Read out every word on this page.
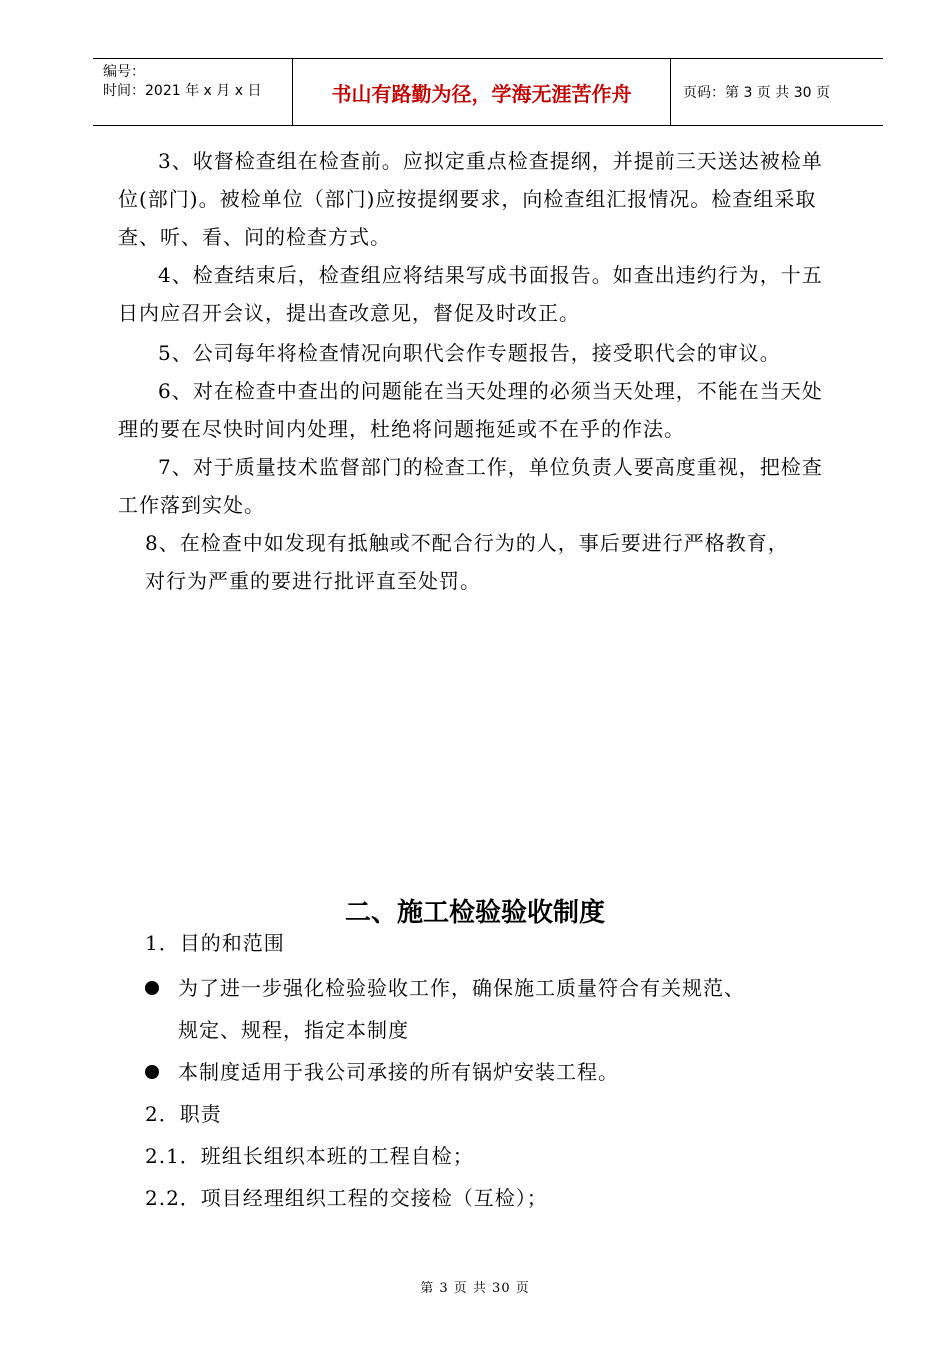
编号：
时间：2021 年 x 月 x 日	书山有路勤为径，学海无涯苦作舟	页码：第 3 页 共 30 页

3、收督检查组在检查前。应拟定重点检查提纲，并提前三天送达被检单位(部门)。被检单位（部门)应按提纲要求，向检查组汇报情况。检查组采取查、听、看、问的检查方式。

4、检查结束后，检查组应将结果写成书面报告。如查出违约行为，十五日内应召开会议，提出查改意见，督促及时改正。

5、公司每年将检查情况向职代会作专题报告，接受职代会的审议。

6、对在检查中查出的问题能在当天处理的必须当天处理，不能在当天处理的要在尽快时间内处理，杜绝将问题拖延或不在乎的作法。

7、对于质量技术监督部门的检查工作，单位负责人要高度重视，把检查工作落到实处。

8、在检查中如发现有抵触或不配合行为的人，事后要进行严格教育，

对行为严重的要进行批评直至处罚。

二、施工检验验收制度

1．目的和范围

为了进一步强化检验验收工作，确保施工质量符合有关规范、

规定、规程，指定本制度

本制度适用于我公司承接的所有锅炉安装工程。

2．职责

2.1．班组长组织本班的工程自检；

2.2．项目经理组织工程的交接检（互检）；

第 3 页 共 30 页
